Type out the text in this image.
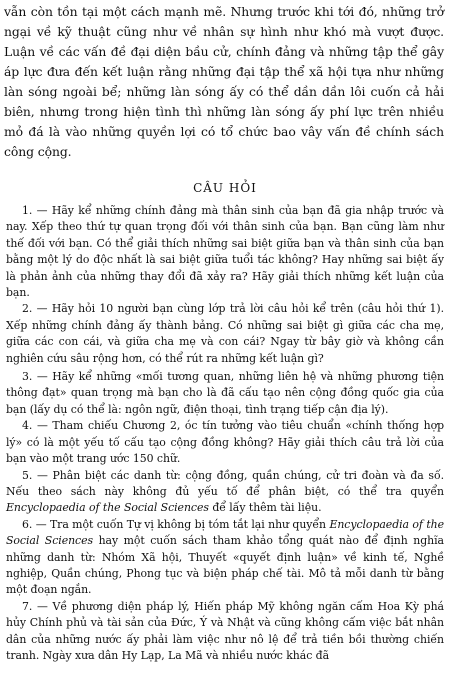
vẫn còn tồn tại một cách mạnh mẽ. Nhưng trước khi tới đó, những trở ngại về kỹ thuật cũng như về nhân sự hình như khó mà vượt được. Luận về các vấn đề đại diện bầu cử, chính đảng và những tập thể gây áp lực đưa đến kết luận rằng những đại tập thể xã hội tựa như những làn sóng ngoài bể; những làn sóng ấy có thể dần dần lôi cuốn cả hải biên, nhưng trong hiện tình thì những làn sóng ấy phí lực trên nhiều mỏ đá là vào những quyền lợi có tổ chức bao vây vấn đề chính sách công cộng.

CÂU HỎI

1. — Hãy kể những chính đảng mà thân sinh của bạn đã gia nhập trước và nay. Xếp theo thứ tự quan trọng đối với thân sinh của bạn. Bạn cũng làm như thế đối với bạn. Có thể giải thích những sai biệt giữa bạn và thân sinh của bạn bằng một lý do độc nhất là sai biệt giữa tuổi tác không? Hay những sai biệt ấy là phản ảnh của những thay đổi đã xảy ra? Hãy giải thích những kết luận của bạn.

2. — Hãy hỏi 10 người bạn cùng lớp trả lời câu hỏi kể trên (câu hỏi thứ 1). Xếp những chính đảng ấy thành bảng. Có những sai biệt gì giữa các cha mẹ, giữa các con cái, và giữa cha mẹ và con cái? Ngay từ bây giờ và không cần nghiên cứu sâu rộng hơn, có thể rút ra những kết luận gì?

3. — Hãy kể những «mối tương quan, những liên hệ và những phương tiện thông đạt» quan trọng mà bạn cho là đã cấu tạo nên cộng đồng quốc gia của bạn (lấy dụ có thể là: ngôn ngữ, điện thoại, tình trạng tiếp cận địa lý).

4. — Tham chiếu Chương 2, óc tín tưởng vào tiêu chuẩn «chính thống hợp lý» có là một yếu tố cấu tạo cộng đồng không? Hãy giải thích câu trả lời của bạn vào một trang ước 150 chữ.

5. — Phân biệt các danh từ: cộng đồng, quần chúng, cử tri đoàn và đa số. Nếu theo sách này không đủ yếu tố để phân biệt, có thể tra quyển Encyclopaedia of the Social Sciences để lấy thêm tài liệu.

6. — Tra một cuốn Tự vị không bị tóm tắt lại như quyển Encyclopaedia of the Social Sciences hay một cuốn sách tham khảo tổng quát nào để định nghĩa những danh từ: Nhóm Xã hội, Thuyết «quyết định luận» về kinh tế, Nghề nghiệp, Quần chúng, Phong tục và biện pháp chế tài. Mô tả mỗi danh từ bằng một đoạn ngắn.

7. — Về phương diện pháp lý, Hiến pháp Mỹ không ngăn cấm Hoa Kỳ phá hủy Chính phủ và tài sản của Đức, Ý và Nhật và cũng không cấm việc bắt nhân dân của những nước ấy phải làm việc như nô lệ để trả tiền bồi thường chiến tranh. Ngày xưa dân Hy Lạp, La Mã và nhiều nước khác đã
